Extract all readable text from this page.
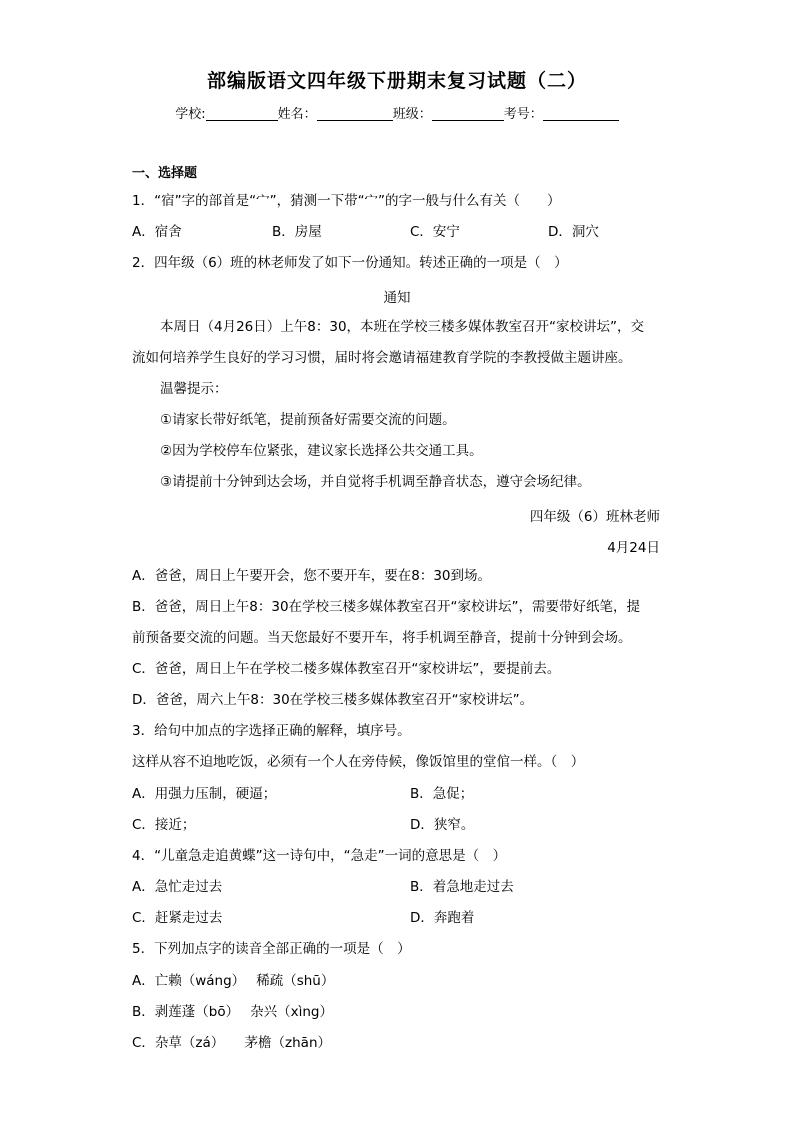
部编版语文四年级下册期末复习试题（二）
学校:	姓名：	班级：	考号：
一、选择题
1．“宿”字的部首是“宀”，猜测一下带“宀”的字一般与什么有关（　　）
A．宿舍	B．房屋	C．安宁	D．洞穴
2．四年级（6）班的林老师发了如下一份通知。转述正确的一项是（　）
通知
本周日（4月26日）上午8：30，本班在学校三楼多媒体教室召开“家校讲坛”，交
流如何培养学生良好的学习习惯，届时将会邀请福建教育学院的李教授做主题讲座。
温馨提示：
①请家长带好纸笔，提前预备好需要交流的问题。
②因为学校停车位紧张，建议家长选择公共交通工具。
③请提前十分钟到达会场，并自觉将手机调至静音状态，遵守会场纪律。
四年级（6）班林老师
4月24日
A．爸爸，周日上午要开会，您不要开车，要在8：30到场。
B．爸爸，周日上午8：30在学校三楼多媒体教室召开“家校讲坛”，需要带好纸笔，提
前预备要交流的问题。当天您最好不要开车，将手机调至静音，提前十分钟到会场。
C．爸爸，周日上午在学校二楼多媒体教室召开“家校讲坛”，要提前去。
D．爸爸，周六上午8：30在学校三楼多媒体教室召开“家校讲坛”。
3．给句中加点的字选择正确的解释，填序号。
这样从容不迫地吃饭，必须有一个人在旁侍候，像饭馆里的堂倌一样。（　）
A．用强力压制，硬逼；	B．急促；
C．接近；	D．狭窄。
4．“儿童急走追黄蝶”这一诗句中，“急走”一词的意思是（　）
A．急忙走过去	B．着急地走过去
C．赶紧走过去	D．奔跑着
5．下列加点字的读音全部正确的一项是（　）
A．亡赖（wáng）　 稀疏（shū）
B．剥莲蓬（bō）　 杂兴（xìng）
C．杂草（zá）　　茅檐（zhān）
